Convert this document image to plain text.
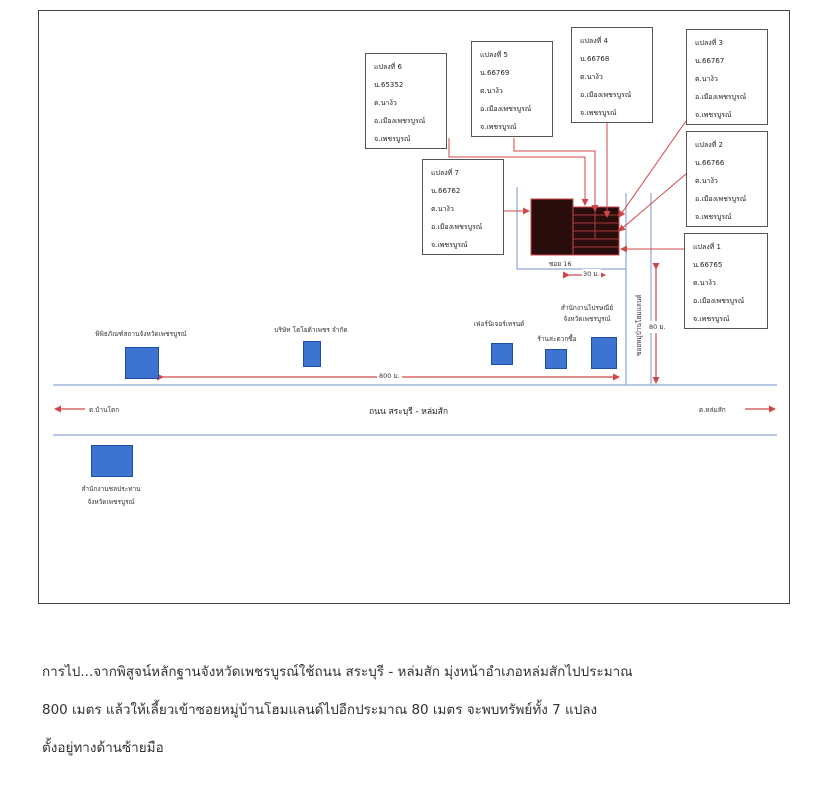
แปลงที่ 6
น.65352
ต.นาง้ว
อ.เมืองเพชรบูรณ์
จ.เพชรบูรณ์
แปลงที่ 5
น.66769
ต.นาง้ว
อ.เมืองเพชรบูรณ์
จ.เพชรบูรณ์
แปลงที่ 4
น.66768
ต.นาง้ว
อ.เมืองเพชรบูรณ์
จ.เพชรบูรณ์
แปลงที่ 3
น.66767
ต.นาง้ว
อ.เมืองเพชรบูรณ์
จ.เพชรบูรณ์
แปลงที่ 2
น.66766
ต.นาง้ว
อ.เมืองเพชรบูรณ์
จ.เพชรบูรณ์
แปลงที่ 7
น.66762
ต.นาง้ว
อ.เมืองเพชรบูรณ์
จ.เพชรบูรณ์	แปลงที่ 1
น.66765
ต.นาง้ว
อ.เมืองเพชรบูรณ์
จ.เพชรบูรณ์
พิพิธภัณฑ์สถานจังหวัดเพชรบูรณ์	บริษัท โตโยต้าเพชร จำกัด
เฟอร์นิเจอร์เทรนด์
ร้านสะดวกซื้อ
สำนักงานไปรษณีย์ จังหวัดเพชรบูรณ์
สำนักงานชลประทาน จังหวัดเพชรบูรณ์
ถนน สระบุรี - หล่มสัก
ต.บ้านโตก	ต.หล่มสัก
ซอย 16
ซอยหมู่บ้านโฮมแลนด์
800 ม.
30 ม.
80 ม.
การไป...จากพิสูจน์หลักฐานจังหวัดเพชรบูรณ์ใช้ถนน สระบุรี - หล่มสัก มุ่งหน้าอำเภอหล่มสักไปประมาณ
800 เมตร แล้วให้เลี้ยวเข้าซอยหมู่บ้านโฮมแลนด์ไปอีกประมาณ 80 เมตร จะพบทรัพย์ทั้ง 7 แปลง
ตั้งอยู่ทางด้านซ้ายมือ
